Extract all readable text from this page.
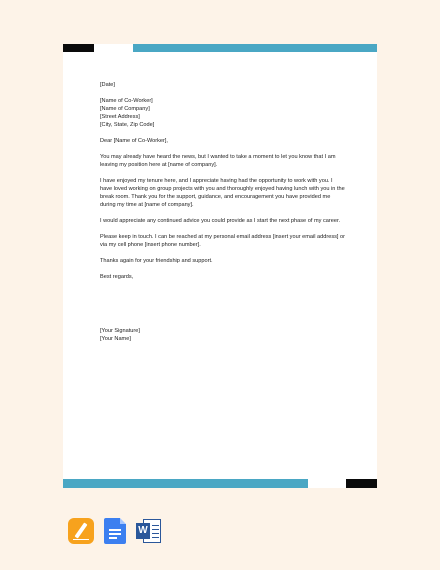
[Date]

[Name of Co-Worker]

[Name of Company]

[Street Address]

[City, State, Zip Code]

Dear [Name of Co-Worker],

You may already have heard the news, but I wanted to take a moment to let you know that I am leaving my position here at [name of company].

I have enjoyed my tenure here, and I appreciate having had the opportunity to work with you. I have loved working on group projects with you and thoroughly enjoyed having lunch with you in the break room. Thank you for the support, guidance, and encouragement you have provided me during my time at [name of company].

I would appreciate any continued advice you could provide as I start the next phase of my career.

Please keep in touch. I can be reached at my personal email address [insert your email address] or via my cell phone [insert phone number].

Thanks again for your friendship and support.

Best regards,

[Your Signature]

[Your Name]

W
